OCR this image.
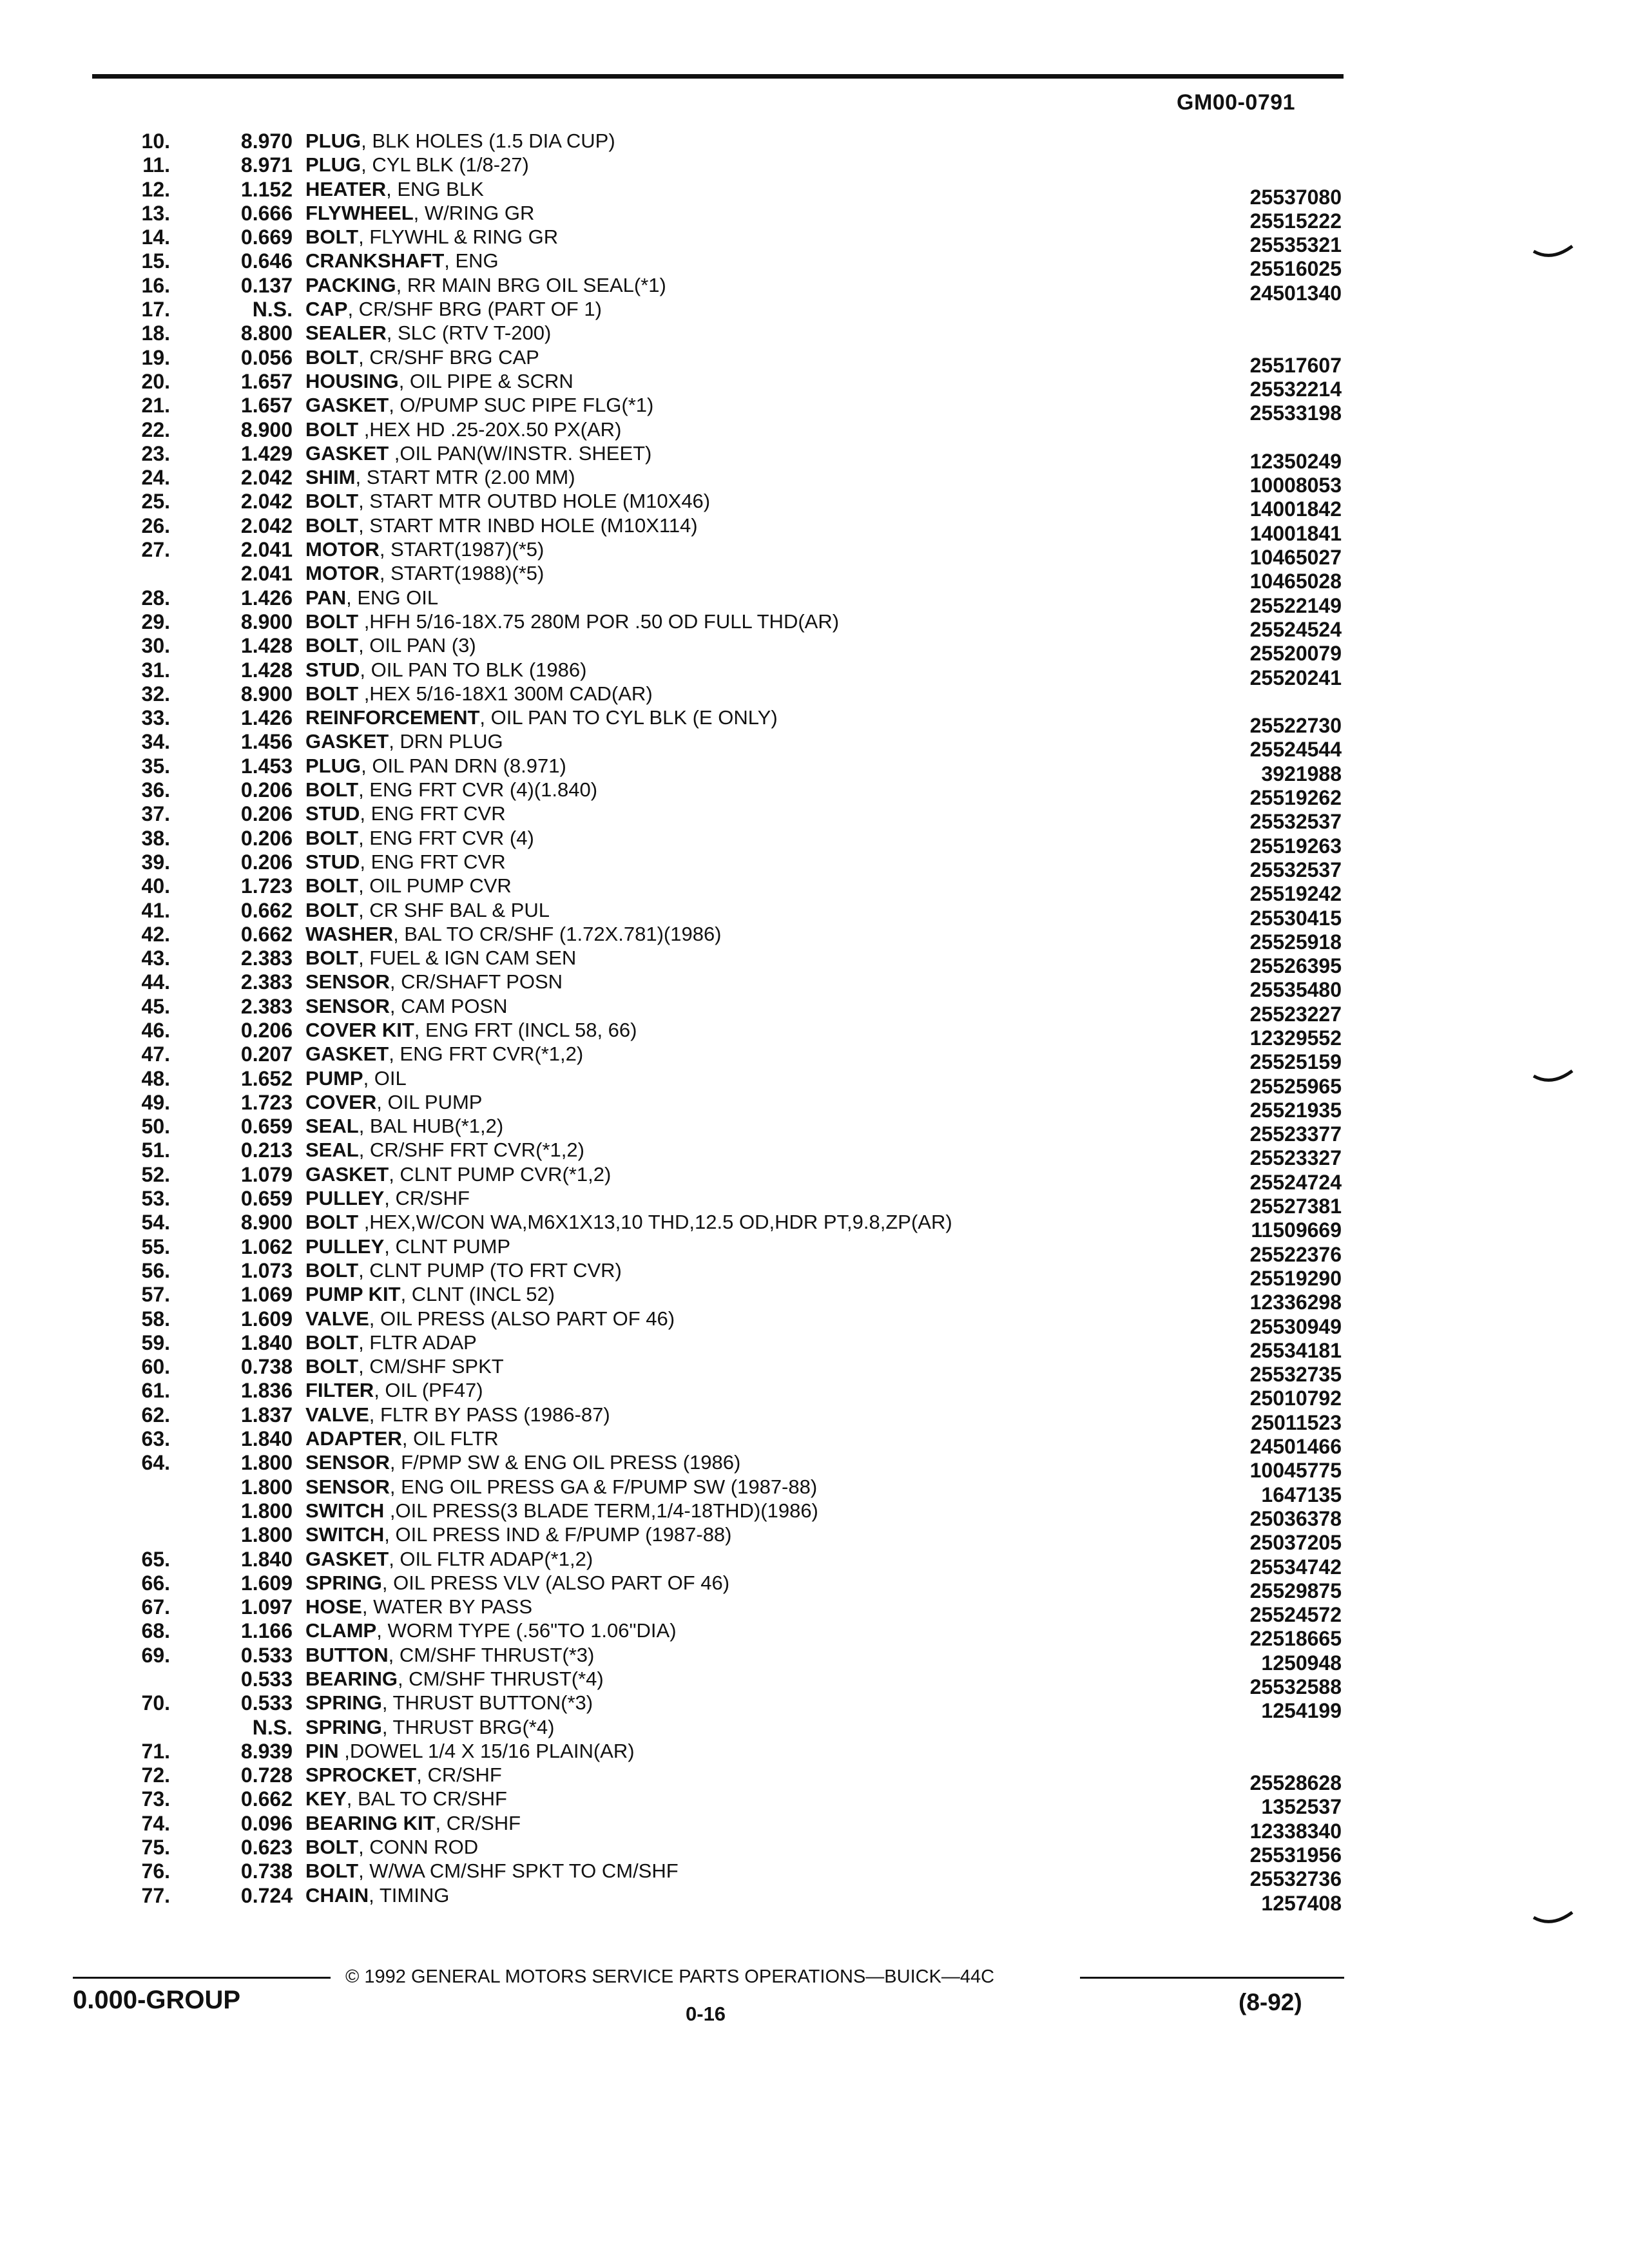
GM00-0791
10.	8.970 PLUG, BLK HOLES (1.5 DIA CUP)
11.	8.971 PLUG, CYL BLK (1/8-27)
12.	1.152 HEATER, ENG BLK	25537080
13.	0.666 FLYWHEEL, W/RING GR	25515222
14.	0.669 BOLT, FLYWHL & RING GR	25535321
15.	0.646 CRANKSHAFT, ENG	25516025
16.	0.137 PACKING, RR MAIN BRG OIL SEAL(*1)	24501340
17.	N.S. CAP, CR/SHF BRG (PART OF 1)
18.	8.800 SEALER, SLC (RTV T-200)
19.	0.056 BOLT, CR/SHF BRG CAP	25517607
20.	1.657 HOUSING, OIL PIPE & SCRN	25532214
21.	1.657 GASKET, O/PUMP SUC PIPE FLG(*1)	25533198
22.	8.900 BOLT ,HEX HD .25-20X.50 PX(AR)
23.	1.429 GASKET ,OIL PAN(W/INSTR. SHEET)	12350249
24.	2.042 SHIM, START MTR (2.00 MM)	10008053
25.	2.042 BOLT, START MTR OUTBD HOLE (M10X46)	14001842
26.	2.042 BOLT, START MTR INBD HOLE (M10X114)	14001841
27.	2.041 MOTOR, START(1987)(*5)	10465027
2.041 MOTOR, START(1988)(*5)	10465028
28.	1.426 PAN, ENG OIL	25522149
29.	8.900 BOLT ,HFH 5/16-18X.75 280M POR .50 OD FULL THD(AR)	25524524
30.	1.428 BOLT, OIL PAN (3)	25520079
31.	1.428 STUD, OIL PAN TO BLK (1986)	25520241
32.	8.900 BOLT ,HEX 5/16-18X1 300M CAD(AR)
33.	1.426 REINFORCEMENT, OIL PAN TO CYL BLK (E ONLY)	25522730
34.	1.456 GASKET, DRN PLUG	25524544
35.	1.453 PLUG, OIL PAN DRN (8.971)	3921988
36.	0.206 BOLT, ENG FRT CVR (4)(1.840)	25519262
37.	0.206 STUD, ENG FRT CVR	25532537
38.	0.206 BOLT, ENG FRT CVR (4)	25519263
39.	0.206 STUD, ENG FRT CVR	25532537
40.	1.723 BOLT, OIL PUMP CVR	25519242
41.	0.662 BOLT, CR SHF BAL & PUL	25530415
42.	0.662 WASHER, BAL TO CR/SHF (1.72X.781)(1986)	25525918
43.	2.383 BOLT, FUEL & IGN CAM SEN	25526395
44.	2.383 SENSOR, CR/SHAFT POSN	25535480
45.	2.383 SENSOR, CAM POSN	25523227
46.	0.206 COVER KIT, ENG FRT (INCL 58, 66)	12329552
47.	0.207 GASKET, ENG FRT CVR(*1,2)	25525159
48.	1.652 PUMP, OIL	25525965
49.	1.723 COVER, OIL PUMP	25521935
50.	0.659 SEAL, BAL HUB(*1,2)	25523377
51.	0.213 SEAL, CR/SHF FRT CVR(*1,2)	25523327
52.	1.079 GASKET, CLNT PUMP CVR(*1,2)	25524724
53.	0.659 PULLEY, CR/SHF	25527381
54.	8.900 BOLT ,HEX,W/CON WA,M6X1X13,10 THD,12.5 OD,HDR PT,9.8,ZP(AR)	11509669
55.	1.062 PULLEY, CLNT PUMP	25522376
56.	1.073 BOLT, CLNT PUMP (TO FRT CVR)	25519290
57.	1.069 PUMP KIT, CLNT (INCL 52)	12336298
58.	1.609 VALVE, OIL PRESS (ALSO PART OF 46)	25530949
59.	1.840 BOLT, FLTR ADAP	25534181
60.	0.738 BOLT, CM/SHF SPKT	25532735
61.	1.836 FILTER, OIL (PF47)	25010792
62.	1.837 VALVE, FLTR BY PASS (1986-87)	25011523
63.	1.840 ADAPTER, OIL FLTR	24501466
64.	1.800 SENSOR, F/PMP SW & ENG OIL PRESS (1986)	10045775
1.800 SENSOR, ENG OIL PRESS GA & F/PUMP SW (1987-88)	1647135
1.800 SWITCH ,OIL PRESS(3 BLADE TERM,1/4-18THD)(1986)	25036378
1.800 SWITCH, OIL PRESS IND & F/PUMP (1987-88)	25037205
65.	1.840 GASKET, OIL FLTR ADAP(*1,2)	25534742
66.	1.609 SPRING, OIL PRESS VLV (ALSO PART OF 46)	25529875
67.	1.097 HOSE, WATER BY PASS	25524572
68.	1.166 CLAMP, WORM TYPE (.56"TO 1.06"DIA)	22518665
69.	0.533 BUTTON, CM/SHF THRUST(*3)	1250948
0.533 BEARING, CM/SHF THRUST(*4)	25532588
70.	0.533 SPRING, THRUST BUTTON(*3)	1254199
N.S. SPRING, THRUST BRG(*4)
71.	8.939 PIN ,DOWEL 1/4 X 15/16 PLAIN(AR)
72.	0.728 SPROCKET, CR/SHF	25528628
73.	0.662 KEY, BAL TO CR/SHF	1352537
74.	0.096 BEARING KIT, CR/SHF	12338340
75.	0.623 BOLT, CONN ROD	25531956
76.	0.738 BOLT, W/WA CM/SHF SPKT TO CM/SHF	25532736
77.	0.724 CHAIN, TIMING	1257408
© 1992 GENERAL MOTORS SERVICE PARTS OPERATIONS—BUICK—44C
0.000-GROUP	0-16	(8-92)
